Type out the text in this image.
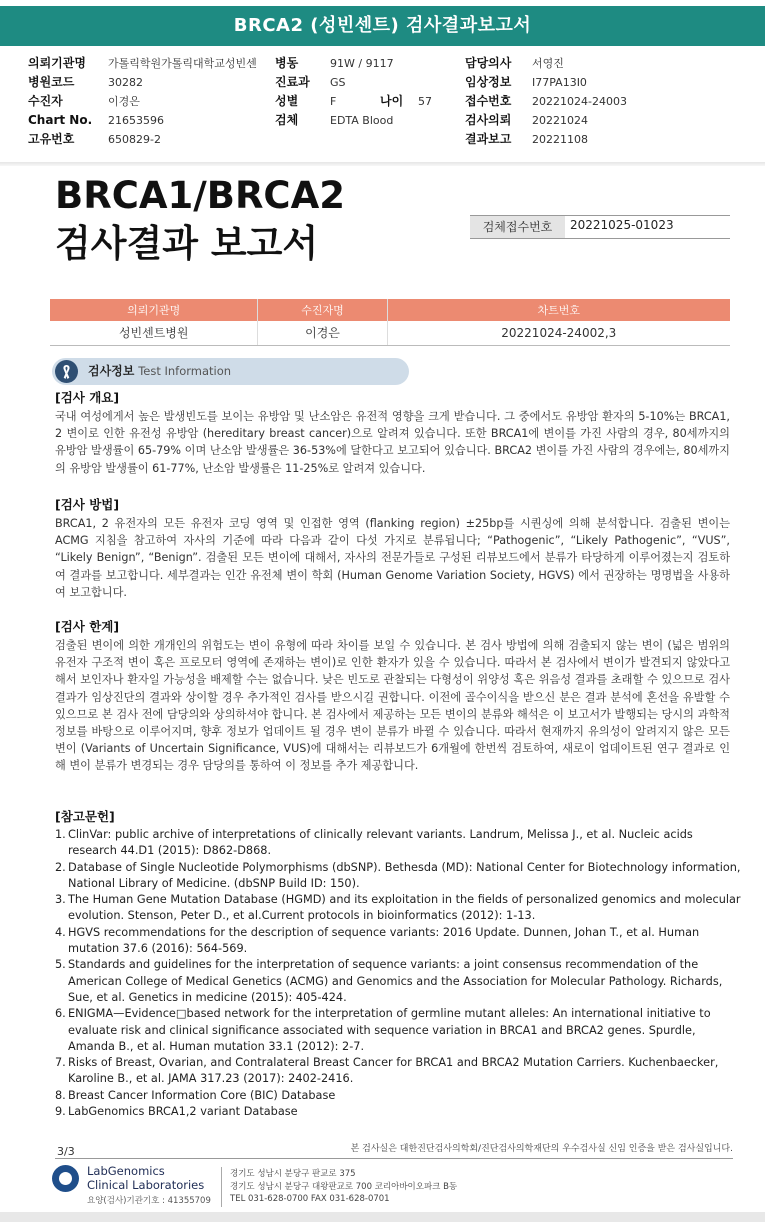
BRCA2 (성빈센트) 검사결과보고서
의뢰기관명 가톨릭학원가톨릭대학교성빈센 병동	91W / 9117	담당의사 서영진
병원코드	30282	진료과 GS	임상정보 I77PA13I0
수진자	이경은	성별	F	나이 57	접수번호 20221024-24003
Chart No. 21653596	검체	EDTA Blood	검사의뢰 20221024
고유번호	650829-2	결과보고 20221108
BRCA1/BRCA2
검사결과 보고서	검체접수번호	20221025-01023
의뢰기관명	수진자명	차트번호
성빈센트병원	이경은	20221024-24002,3
검사정보 Test Information
[검사 개요]
국내 여성에게서 높은 발생빈도를 보이는 유방암 및 난소암은 유전적 영향을 크게 받습니다. 그 중에서도 유방암 환자의 5-10%는 BRCA1, 2 변이로 인한 유전성 유방암 (hereditary breast cancer)으로 알려져 있습니다. 또한 BRCA1에 변이를 가진 사람의 경우, 80세까지의 유방암 발생률이 65-79% 이며 난소암 발생률은 36-53%에 달한다고 보고되어 있습니다. BRCA2 변이를 가진 사람의 경우에는, 80세까지의 유방암 발생률이 61-77%, 난소암 발생률은 11-25%로 알려져 있습니다.
[검사 방법]
BRCA1, 2 유전자의 모든 유전자 코딩 영역 및 인접한 영역 (flanking region) ±25bp를 시퀀싱에 의해 분석합니다. 검출된 변이는 ACMG 지침을 참고하여 자사의 기준에 따라 다음과 같이 다섯 가지로 분류됩니다; “Pathogenic”, “Likely Pathogenic”, “VUS”, “Likely Benign”, “Benign”. 검출된 모든 변이에 대해서, 자사의 전문가들로 구성된 리뷰보드에서 분류가 타당하게 이루어졌는지 검토하여 결과를 보고합니다. 세부결과는 인간 유전체 변이 학회 (Human Genome Variation Society, HGVS) 에서 권장하는 명명법을 사용하여 보고합니다.
[검사 한계]
검출된 변이에 의한 개개인의 위험도는 변이 유형에 따라 차이를 보일 수 있습니다. 본 검사 방법에 의해 검출되지 않는 변이 (넓은 범위의 유전자 구조적 변이 혹은 프로모터 영역에 존재하는 변이)로 인한 환자가 있을 수 있습니다. 따라서 본 검사에서 변이가 발견되지 않았다고 해서 보인자나 환자일 가능성을 배제할 수는 없습니다. 낮은 빈도로 관찰되는 다형성이 위양성 혹은 위음성 결과를 초래할 수 있으므로 검사 결과가 임상진단의 결과와 상이할 경우 추가적인 검사를 받으시길 권합니다. 이전에 골수이식을 받으신 분은 결과 분석에 혼선을 유발할 수 있으므로 본 검사 전에 담당의와 상의하셔야 합니다. 본 검사에서 제공하는 모든 변이의 분류와 해석은 이 보고서가 발행되는 당시의 과학적 정보를 바탕으로 이루어지며, 향후 정보가 업데이트 될 경우 변이 분류가 바뀔 수 있습니다. 따라서 현재까지 유의성이 알려지지 않은 모든 변이 (Variants of Uncertain Significance, VUS)에 대해서는 리뷰보드가 6개월에 한번씩 검토하여, 새로이 업데이트된 연구 결과로 인해 변이 분류가 변경되는 경우 담당의를 통하여 이 정보를 추가 제공합니다.
[참고문헌]
1. ClinVar: public archive of interpretations of clinically relevant variants. Landrum, Melissa J., et al. Nucleic acids research 44.D1 (2015): D862-D868.
2. Database of Single Nucleotide Polymorphisms (dbSNP). Bethesda (MD): National Center for Biotechnology information, National Library of Medicine. (dbSNP Build ID: 150).
3. The Human Gene Mutation Database (HGMD) and its exploitation in the fields of personalized genomics and molecular evolution. Stenson, Peter D., et al.Current protocols in bioinformatics (2012): 1-13.
4. HGVS recommendations for the description of sequence variants: 2016 Update. Dunnen, Johan T., et al. Human mutation 37.6 (2016): 564-569.
5. Standards and guidelines for the interpretation of sequence variants: a joint consensus recommendation of the American College of Medical Genetics (ACMG) and Genomics and the Association for Molecular Pathology. Richards, Sue, et al. Genetics in medicine (2015): 405-424.
6. ENIGMA—Evidence□based network for the interpretation of germline mutant alleles: An international initiative to evaluate risk and clinical significance associated with sequence variation in BRCA1 and BRCA2 genes. Spurdle, Amanda B., et al. Human mutation 33.1 (2012): 2-7.
7. Risks of Breast, Ovarian, and Contralateral Breast Cancer for BRCA1 and BRCA2 Mutation Carriers. Kuchenbaecker, Karoline B., et al. JAMA 317.23 (2017): 2402-2416.
8. Breast Cancer Information Core (BIC) Database
9. LabGenomics BRCA1,2 variant Database
3/3	본 검사실은 대한진단검사의학회/진단검사의학재단의 우수검사실 신임 인증을 받은 검사실입니다.
LabGenomics
Clinical Laboratories
요양(검사)기관기호 : 41355709
경기도 성남시 분당구 판교로 375
경기도 성남시 분당구 대왕판교로 700 코리아바이오파크 B동
TEL 031-628-0700 FAX 031-628-0701
